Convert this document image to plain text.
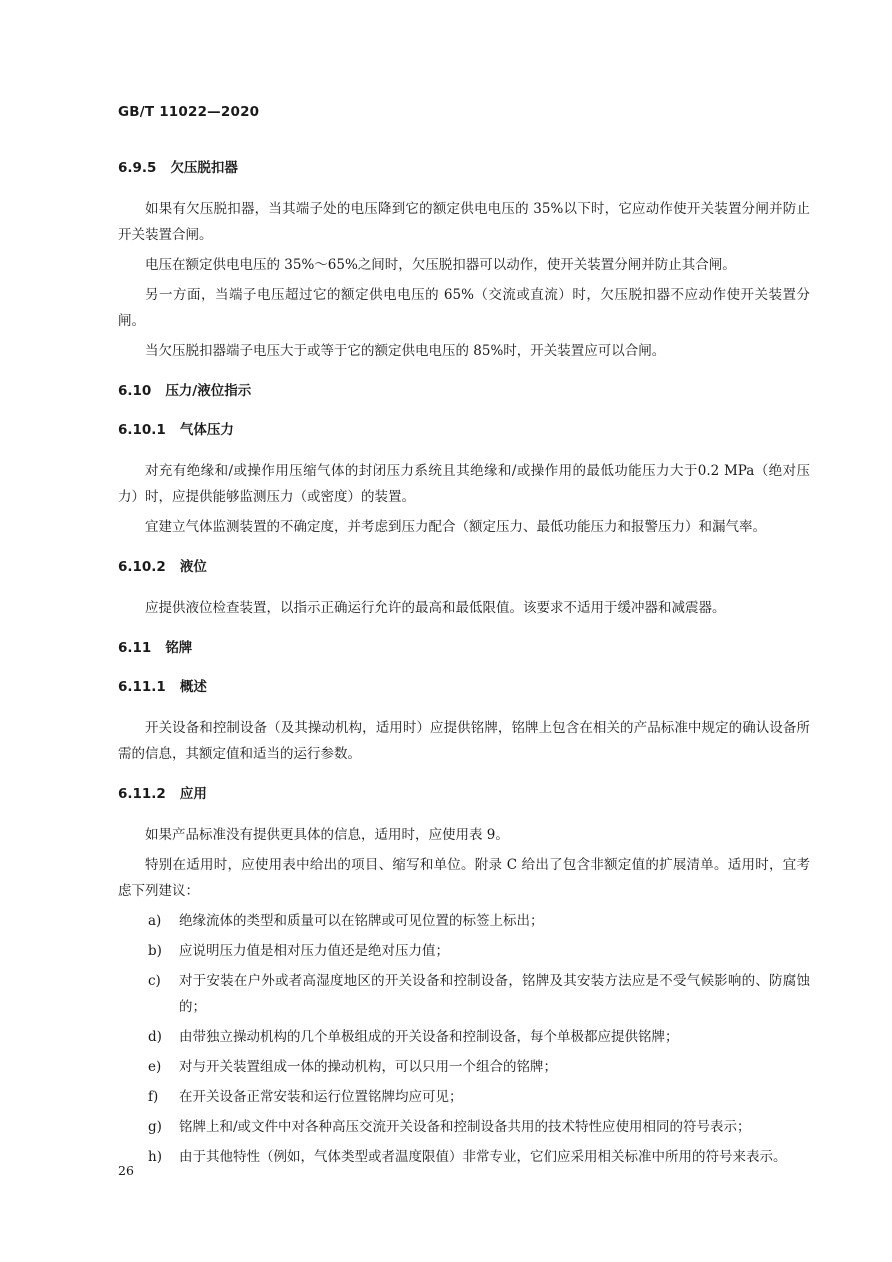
GB/T 11022—2020
6.9.5 欠压脱扣器

如果有欠压脱扣器，当其端子处的电压降到它的额定供电电压的 35%以下时，它应动作使开关装置分闸并防止开关装置合闸。

电压在额定供电电压的 35%～65%之间时，欠压脱扣器可以动作，使开关装置分闸并防止其合闸。

另一方面，当端子电压超过它的额定供电电压的 65%（交流或直流）时，欠压脱扣器不应动作使开关装置分闸。

当欠压脱扣器端子电压大于或等于它的额定供电电压的 85%时，开关装置应可以合闸。

6.10 压力/液位指示
6.10.1 气体压力

对充有绝缘和/或操作用压缩气体的封闭压力系统且其绝缘和/或操作用的最低功能压力大于0.2 MPa（绝对压力）时，应提供能够监测压力（或密度）的装置。

宜建立气体监测装置的不确定度，并考虑到压力配合（额定压力、最低功能压力和报警压力）和漏气率。

6.10.2 液位

应提供液位检查装置，以指示正确运行允许的最高和最低限值。该要求不适用于缓冲器和减震器。

6.11 铭牌
6.11.1 概述

开关设备和控制设备（及其操动机构，适用时）应提供铭牌，铭牌上包含在相关的产品标准中规定的确认设备所需的信息，其额定值和适当的运行参数。

6.11.2 应用

如果产品标准没有提供更具体的信息，适用时，应使用表 9。

特别在适用时，应使用表中给出的项目、缩写和单位。附录 C 给出了包含非额定值的扩展清单。适用时，宜考虑下列建议：

a) 绝缘流体的类型和质量可以在铭牌或可见位置的标签上标出；
b) 应说明压力值是相对压力值还是绝对压力值；
c) 对于安装在户外或者高湿度地区的开关设备和控制设备，铭牌及其安装方法应是不受气候影响的、防腐蚀的；
d) 由带独立操动机构的几个单极组成的开关设备和控制设备，每个单极都应提供铭牌；
e) 对与开关装置组成一体的操动机构，可以只用一个组合的铭牌；
f) 在开关设备正常安装和运行位置铭牌均应可见；
g) 铭牌上和/或文件中对各种高压交流开关设备和控制设备共用的技术特性应使用相同的符号表示；
h) 由于其他特性（例如，气体类型或者温度限值）非常专业，它们应采用相关标准中所用的符号来表示。
26
